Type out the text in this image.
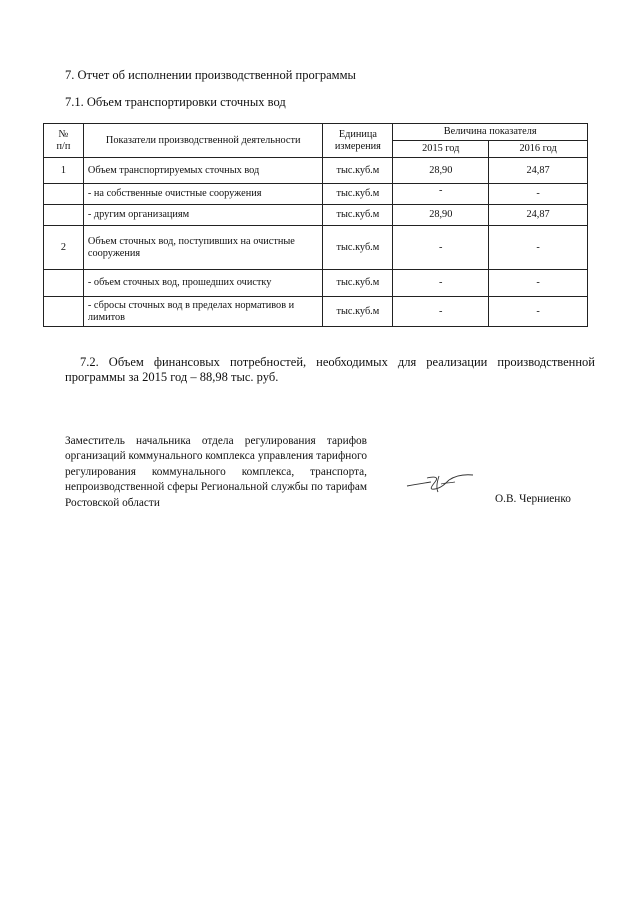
7. Отчет об исполнении производственной программы
7.1. Объем транспортировки сточных вод
№
п/п	Показатели производственной деятельности	Единица измерения	Величина показателя	
			2015 год	2016 год
1	Объем транспортируемых сточных вод	тыс.куб.м	28,90	24,87
	- на собственные очистные сооружения	тыс.куб.м	-	-
	- другим организациям	тыс.куб.м	28,90	24,87
2	Объем сточных вод, поступивших на очистные сооружения	тыс.куб.м	-	-
	- объем сточных вод, прошедших очистку	тыс.куб.м	-	-
	- сбросы сточных вод в пределах нормативов и лимитов	тыс.куб.м	-	-
7.2. Объем финансовых потребностей, необходимых для реализации производственной программы за 2015 год – 88,98 тыс. руб.
Заместитель начальника отдела регулирования тарифов организаций коммунального комплекса управления тарифного регулирования коммунального комплекса, транспорта, непроизводственной сферы Региональной службы по тарифам Ростовской области	О.В. Черниенко
